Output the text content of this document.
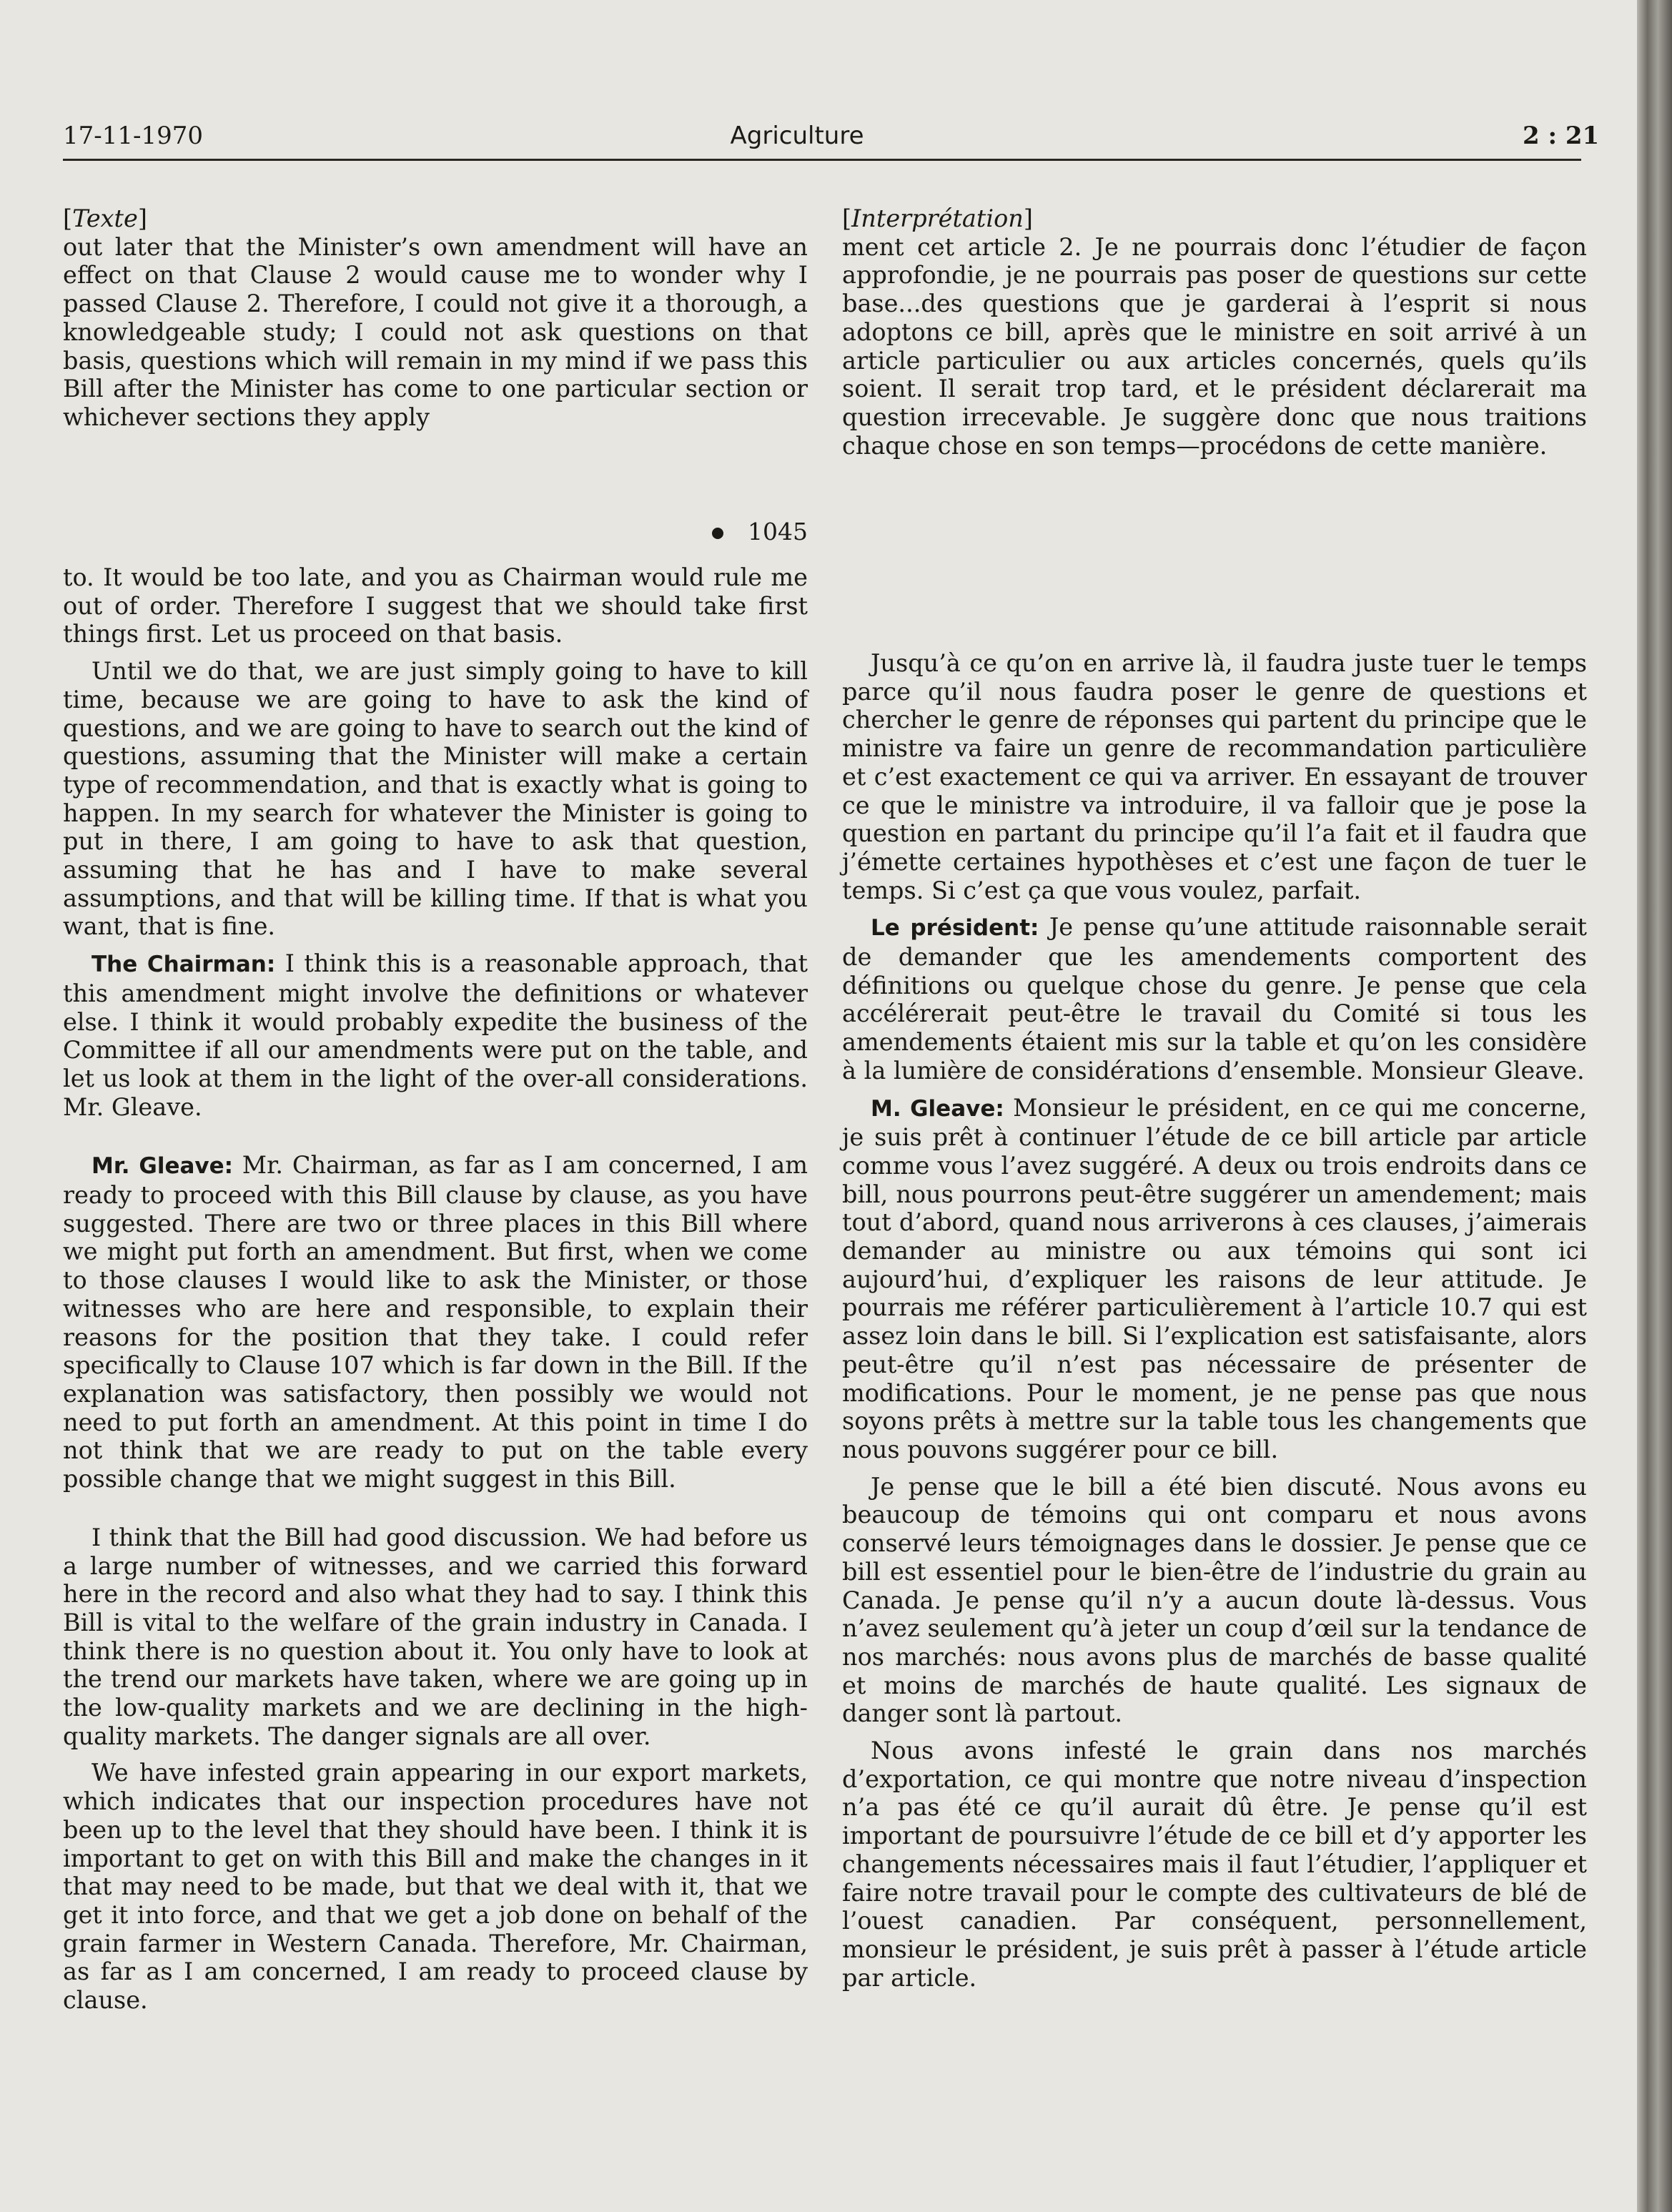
17-11-1970	Agriculture	2 : 21
[Texte]

out later that the Minister’s own amendment will have an effect on that Clause 2 would cause me to wonder why I passed Clause 2. Therefore, I could not give it a thorough, a knowledgeable study; I could not ask questions on that basis, questions which will remain in my mind if we pass this Bill after the Minister has come to one particular section or whichever sections they apply

1045

to. It would be too late, and you as Chairman would rule me out of order. Therefore I suggest that we should take first things first. Let us proceed on that basis.

Until we do that, we are just simply going to have to kill time, because we are going to have to ask the kind of questions, and we are going to have to search out the kind of questions, assuming that the Minister will make a certain type of recommendation, and that is exactly what is going to happen. In my search for whatever the Minister is going to put in there, I am going to have to ask that question, assuming that he has and I have to make several assumptions, and that will be killing time. If that is what you want, that is fine.

The Chairman: I think this is a reasonable approach, that this amendment might involve the definitions or whatever else. I think it would probably expedite the business of the Committee if all our amendments were put on the table, and let us look at them in the light of the over-all considerations. Mr. Gleave.

Mr. Gleave: Mr. Chairman, as far as I am concerned, I am ready to proceed with this Bill clause by clause, as you have suggested. There are two or three places in this Bill where we might put forth an amendment. But first, when we come to those clauses I would like to ask the Minister, or those witnesses who are here and responsible, to explain their reasons for the position that they take. I could refer specifically to Clause 107 which is far down in the Bill. If the explanation was satisfactory, then possibly we would not need to put forth an amendment. At this point in time I do not think that we are ready to put on the table every possible change that we might suggest in this Bill.

I think that the Bill had good discussion. We had before us a large number of witnesses, and we carried this forward here in the record and also what they had to say. I think this Bill is vital to the welfare of the grain industry in Canada. I think there is no question about it. You only have to look at the trend our markets have taken, where we are going up in the low-quality markets and we are declining in the high-quality markets. The danger signals are all over.

We have infested grain appearing in our export markets, which indicates that our inspection procedures have not been up to the level that they should have been. I think it is important to get on with this Bill and make the changes in it that may need to be made, but that we deal with it, that we get it into force, and that we get a job done on behalf of the grain farmer in Western Canada. Therefore, Mr. Chairman, as far as I am concerned, I am ready to proceed clause by clause.

[Interprétation]

ment cet article 2. Je ne pourrais donc l’étudier de façon approfondie, je ne pourrais pas poser de questions sur cette base...des questions que je garderai à l’esprit si nous adoptons ce bill, après que le ministre en soit arrivé à un article particulier ou aux articles concernés, quels qu’ils soient. Il serait trop tard, et le président déclarerait ma question irrecevable. Je suggère donc que nous traitions chaque chose en son temps—procédons de cette manière.

Jusqu’à ce qu’on en arrive là, il faudra juste tuer le temps parce qu’il nous faudra poser le genre de questions et chercher le genre de réponses qui partent du principe que le ministre va faire un genre de recommandation particulière et c’est exactement ce qui va arriver. En essayant de trouver ce que le ministre va introduire, il va falloir que je pose la question en partant du principe qu’il l’a fait et il faudra que j’émette certaines hypothèses et c’est une façon de tuer le temps. Si c’est ça que vous voulez, parfait.

Le président: Je pense qu’une attitude raisonnable serait de demander que les amendements comportent des définitions ou quelque chose du genre. Je pense que cela accélérerait peut-être le travail du Comité si tous les amendements étaient mis sur la table et qu’on les considère à la lumière de considérations d’ensemble. Monsieur Gleave.

M. Gleave: Monsieur le président, en ce qui me concerne, je suis prêt à continuer l’étude de ce bill article par article comme vous l’avez suggéré. A deux ou trois endroits dans ce bill, nous pourrons peut-être suggérer un amendement; mais tout d’abord, quand nous arriverons à ces clauses, j’aimerais demander au ministre ou aux témoins qui sont ici aujourd’hui, d’expliquer les raisons de leur attitude. Je pourrais me référer particulièrement à l’article 10.7 qui est assez loin dans le bill. Si l’explication est satisfaisante, alors peut-être qu’il n’est pas nécessaire de présenter de modifications. Pour le moment, je ne pense pas que nous soyons prêts à mettre sur la table tous les changements que nous pouvons suggérer pour ce bill.

Je pense que le bill a été bien discuté. Nous avons eu beaucoup de témoins qui ont comparu et nous avons conservé leurs témoignages dans le dossier. Je pense que ce bill est essentiel pour le bien-être de l’industrie du grain au Canada. Je pense qu’il n’y a aucun doute là-dessus. Vous n’avez seulement qu’à jeter un coup d’œil sur la tendance de nos marchés: nous avons plus de marchés de basse qualité et moins de marchés de haute qualité. Les signaux de danger sont là partout.

Nous avons infesté le grain dans nos marchés d’exportation, ce qui montre que notre niveau d’inspection n’a pas été ce qu’il aurait dû être. Je pense qu’il est important de poursuivre l’étude de ce bill et d’y apporter les changements nécessaires mais il faut l’étudier, l’appliquer et faire notre travail pour le compte des cultivateurs de blé de l’ouest canadien. Par conséquent, personnellement, monsieur le président, je suis prêt à passer à l’étude article par article.
